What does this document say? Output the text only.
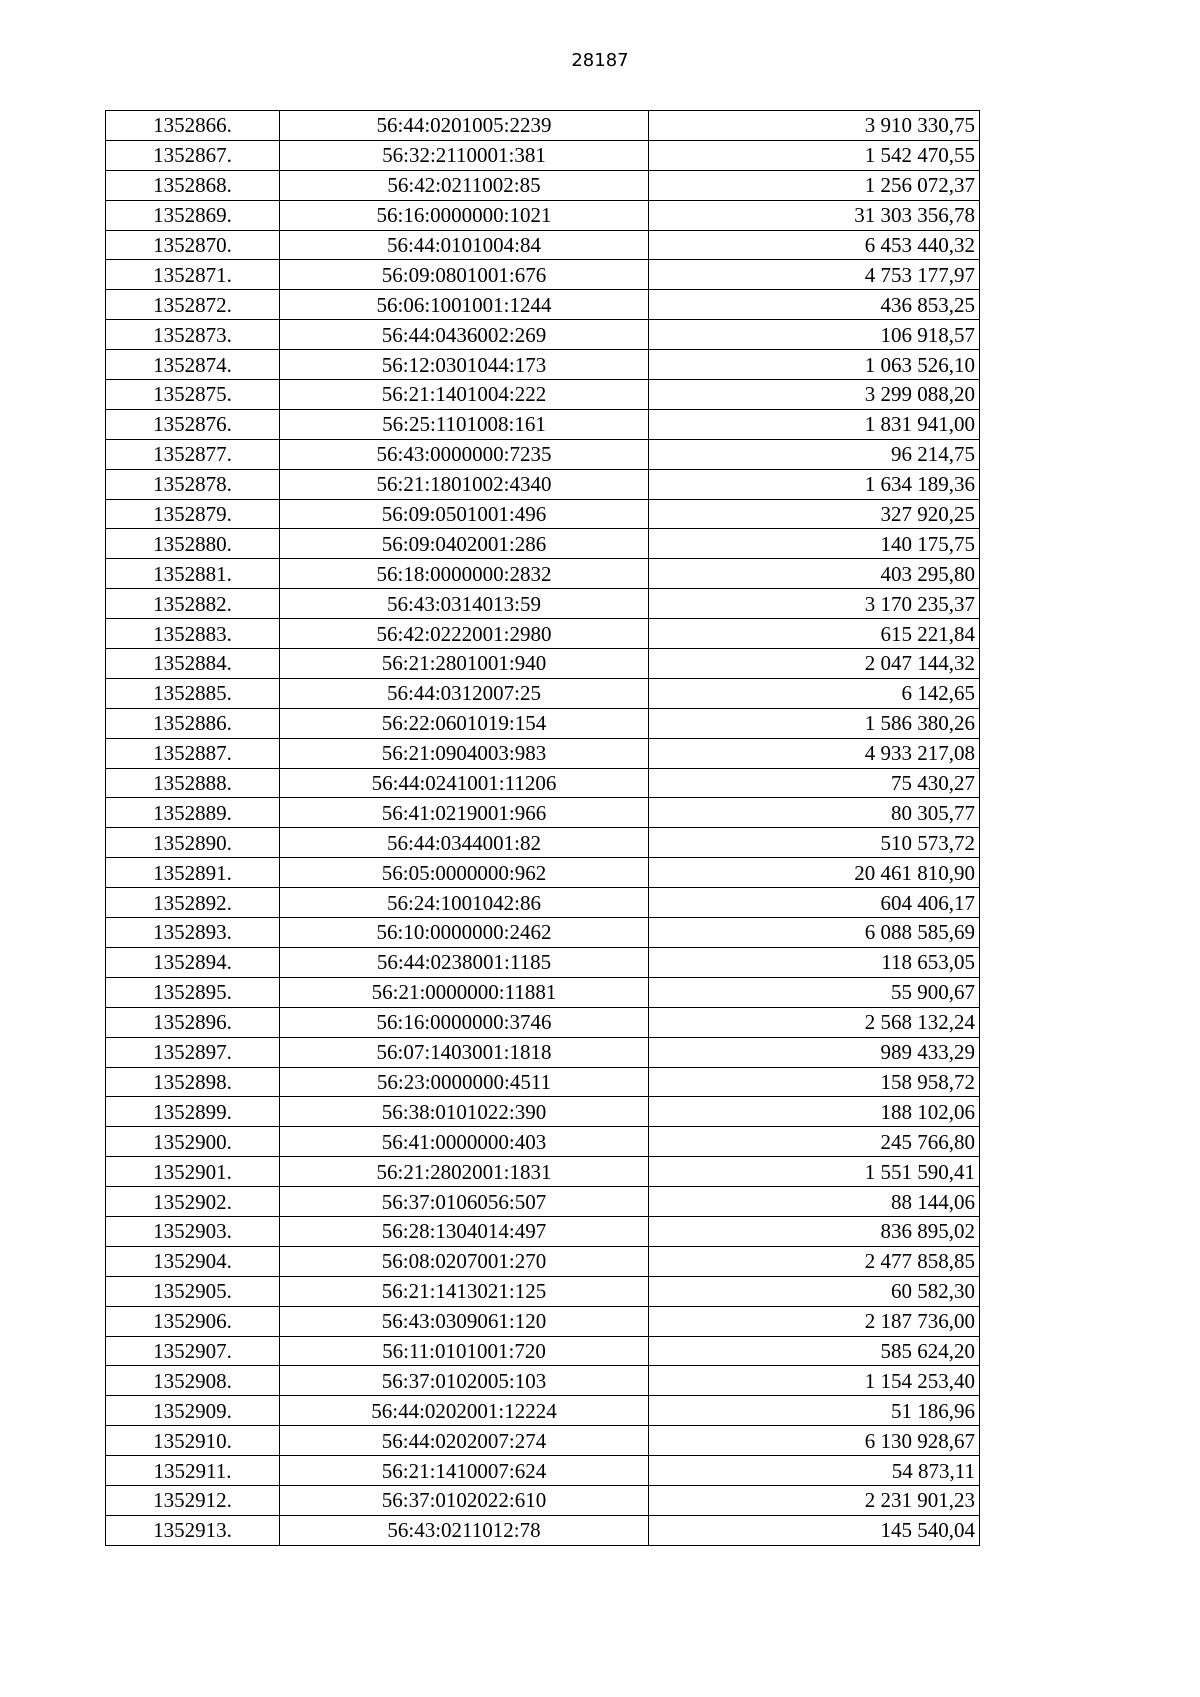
28187
1352866.	56:44:0201005:2239	3 910 330,75
1352867.	56:32:2110001:381	1 542 470,55
1352868.	56:42:0211002:85	1 256 072,37
1352869.	56:16:0000000:1021	31 303 356,78
1352870.	56:44:0101004:84	6 453 440,32
1352871.	56:09:0801001:676	4 753 177,97
1352872.	56:06:1001001:1244	436 853,25
1352873.	56:44:0436002:269	106 918,57
1352874.	56:12:0301044:173	1 063 526,10
1352875.	56:21:1401004:222	3 299 088,20
1352876.	56:25:1101008:161	1 831 941,00
1352877.	56:43:0000000:7235	96 214,75
1352878.	56:21:1801002:4340	1 634 189,36
1352879.	56:09:0501001:496	327 920,25
1352880.	56:09:0402001:286	140 175,75
1352881.	56:18:0000000:2832	403 295,80
1352882.	56:43:0314013:59	3 170 235,37
1352883.	56:42:0222001:2980	615 221,84
1352884.	56:21:2801001:940	2 047 144,32
1352885.	56:44:0312007:25	6 142,65
1352886.	56:22:0601019:154	1 586 380,26
1352887.	56:21:0904003:983	4 933 217,08
1352888.	56:44:0241001:11206	75 430,27
1352889.	56:41:0219001:966	80 305,77
1352890.	56:44:0344001:82	510 573,72
1352891.	56:05:0000000:962	20 461 810,90
1352892.	56:24:1001042:86	604 406,17
1352893.	56:10:0000000:2462	6 088 585,69
1352894.	56:44:0238001:1185	118 653,05
1352895.	56:21:0000000:11881	55 900,67
1352896.	56:16:0000000:3746	2 568 132,24
1352897.	56:07:1403001:1818	989 433,29
1352898.	56:23:0000000:4511	158 958,72
1352899.	56:38:0101022:390	188 102,06
1352900.	56:41:0000000:403	245 766,80
1352901.	56:21:2802001:1831	1 551 590,41
1352902.	56:37:0106056:507	88 144,06
1352903.	56:28:1304014:497	836 895,02
1352904.	56:08:0207001:270	2 477 858,85
1352905.	56:21:1413021:125	60 582,30
1352906.	56:43:0309061:120	2 187 736,00
1352907.	56:11:0101001:720	585 624,20
1352908.	56:37:0102005:103	1 154 253,40
1352909.	56:44:0202001:12224	51 186,96
1352910.	56:44:0202007:274	6 130 928,67
1352911.	56:21:1410007:624	54 873,11
1352912.	56:37:0102022:610	2 231 901,23
1352913.	56:43:0211012:78	145 540,04
